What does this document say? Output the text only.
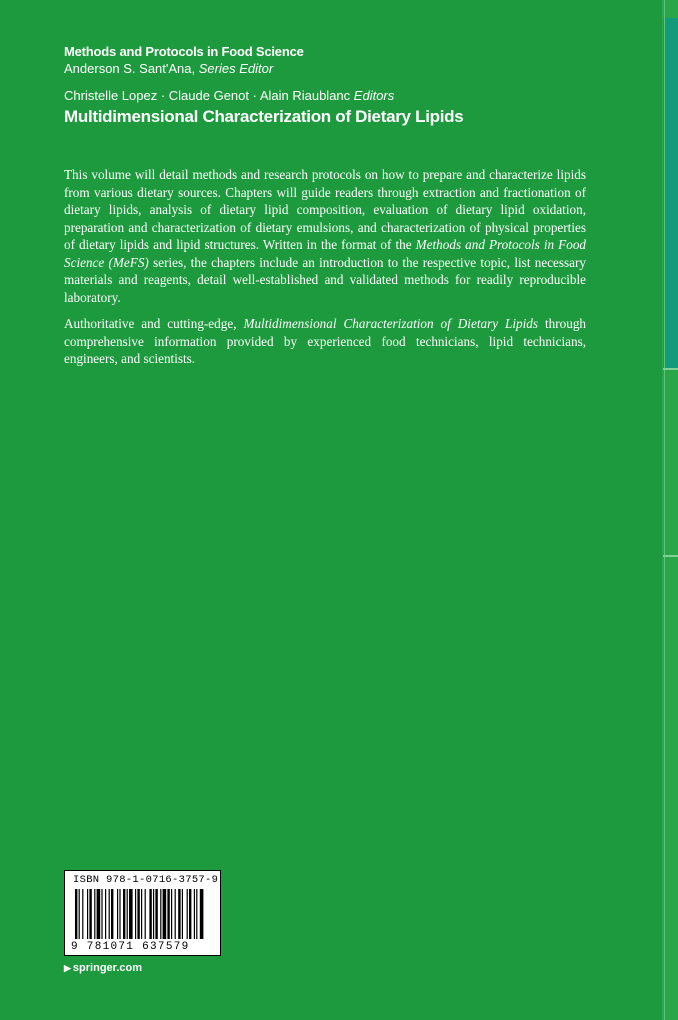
Methods and Protocols in Food Science
Anderson S. Sant'Ana, Series Editor
Christelle Lopez · Claude Genot · Alain Riaublanc Editors
Multidimensional Characterization of Dietary Lipids

This volume will detail methods and research protocols on how to prepare and characterize lipids from various dietary sources. Chapters will guide readers through extraction and fractionation of dietary lipids, analysis of dietary lipid composition, evaluation of dietary lipid oxidation, preparation and characterization of dietary emulsions, and characterization of physical properties of dietary lipids and lipid structures. Written in the format of the Methods and Protocols in Food Science (MeFS) series, the chapters include an introduction to the respective topic, list necessary materials and reagents, detail well-established and validated methods for readily reproducible laboratory.

Authoritative and cutting-edge, Multidimensional Characterization of Dietary Lipids through comprehensive information provided by experienced food technicians, lipid technicians, engineers, and scientists.

ISBN 978-1-0716-3757-9
9 781071 637579
▶ springer.com
